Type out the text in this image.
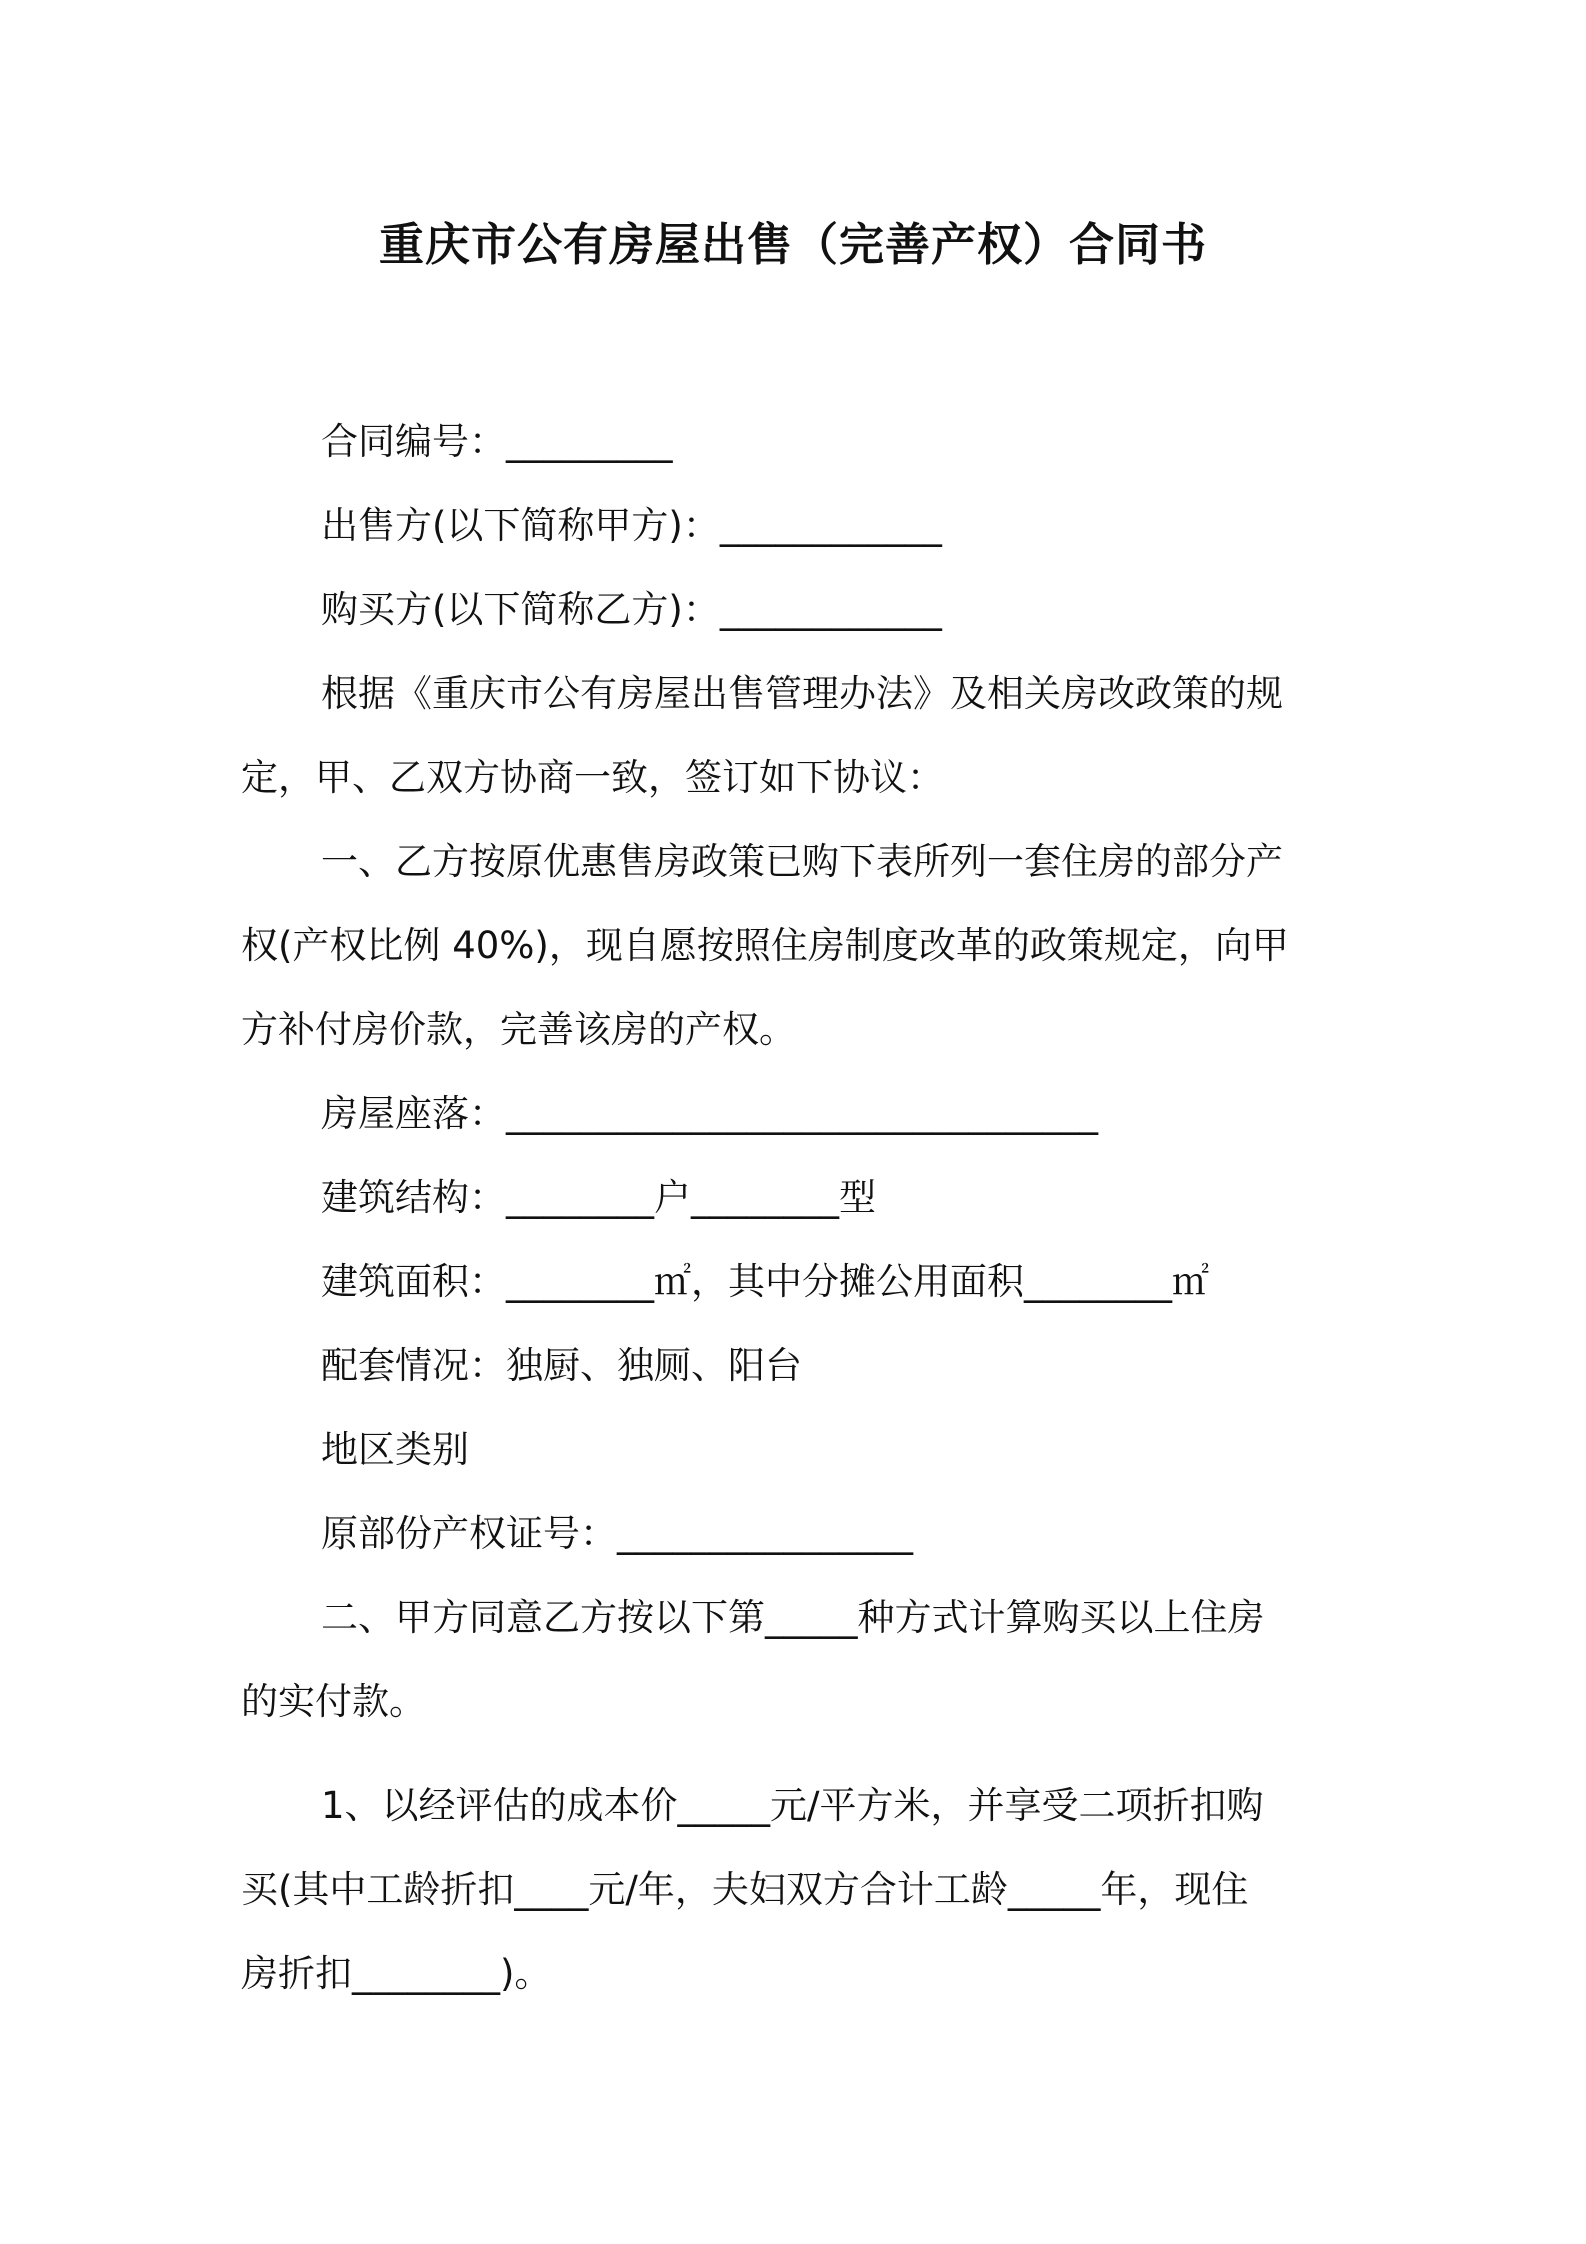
重庆市公有房屋出售（完善产权）合同书
合同编号：_________
出售方(以下简称甲方)：____________
购买方(以下简称乙方)：____________
根据《重庆市公有房屋出售管理办法》及相关房改政策的规
定，甲、乙双方协商一致，签订如下协议：
一、乙方按原优惠售房政策已购下表所列一套住房的部分产
权(产权比例 40%)，现自愿按照住房制度改革的政策规定，向甲
方补付房价款，完善该房的产权。
房屋座落：________________________________
建筑结构：________户________型
建筑面积：________㎡，其中分摊公用面积________㎡
配套情况：独厨、独厕、阳台
地区类别
原部份产权证号：________________
二、甲方同意乙方按以下第_____种方式计算购买以上住房
的实付款。
1、以经评估的成本价_____元/平方米，并享受二项折扣购
买(其中工龄折扣____元/年，夫妇双方合计工龄_____年，现住
房折扣________)。
